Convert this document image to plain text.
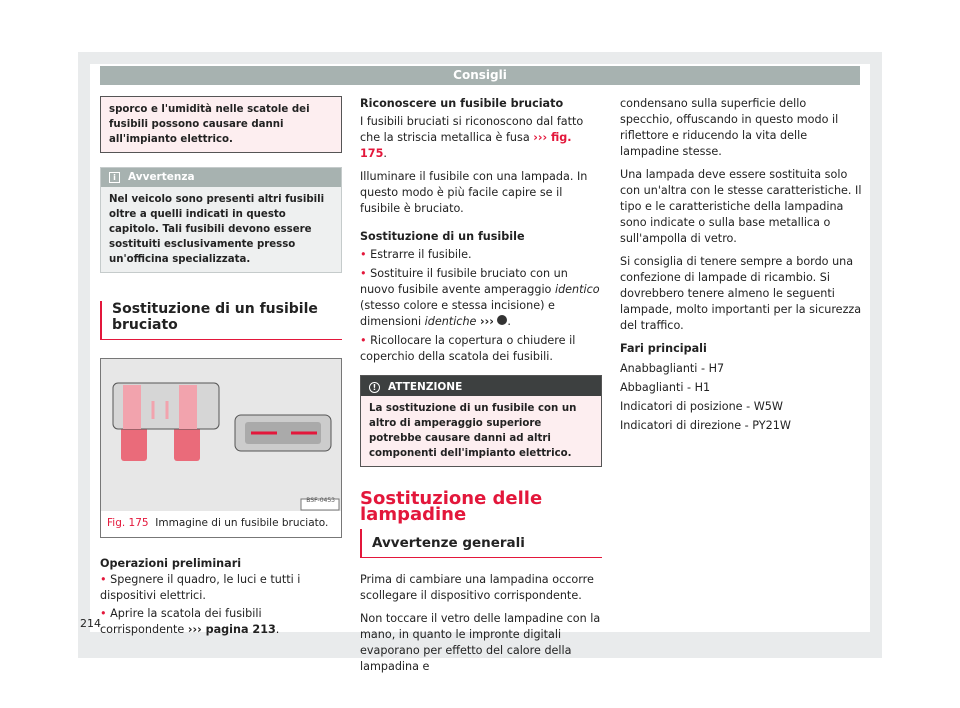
Consigli
sporco e l'umidità nelle scatole dei fusibili possono causare danni all'impianto elettrico.
i Avvertenza
Nel veicolo sono presenti altri fusibili oltre a quelli indicati in questo capitolo. Tali fusibili devono essere sostituiti esclusivamente presso un'officina specializzata.
Sostituzione di un fusibile bruciato
BSF-0453
Fig. 175 Immagine di un fusibile bruciato.

Operazioni preliminari

• Spegnere il quadro, le luci e tutti i dispositivi elettrici.

• Aprire la scatola dei fusibili corrispondente ››› pagina 213.

Riconoscere un fusibile bruciato

I fusibili bruciati si riconoscono dal fatto che la striscia metallica è fusa ››› fig. 175.

Illuminare il fusibile con una lampada. In questo modo è più facile capire se il fusibile è bruciato.

Sostituzione di un fusibile

• Estrarre il fusibile.

• Sostituire il fusibile bruciato con un nuovo fusibile avente amperaggio identico (stesso colore e stessa incisione) e dimensioni identiche ››› .

• Ricollocare la copertura o chiudere il coperchio della scatola dei fusibili.

! ATTENZIONE
La sostituzione di un fusibile con un altro di amperaggio superiore potrebbe causare danni ad altri componenti dell'impianto elettrico.
Sostituzione delle lampadine
Avvertenze generali

Prima di cambiare una lampadina occorre scollegare il dispositivo corrispondente.

Non toccare il vetro delle lampadine con la mano, in quanto le impronte digitali evaporano per effetto del calore della lampadina e

condensano sulla superficie dello specchio, offuscando in questo modo il riflettore e riducendo la vita delle lampadine stesse.

Una lampada deve essere sostituita solo con un'altra con le stesse caratteristiche. Il tipo e le caratteristiche della lampadina sono indicate o sulla base metallica o sull'ampolla di vetro.

Si consiglia di tenere sempre a bordo una confezione di lampade di ricambio. Si dovrebbero tenere almeno le seguenti lampade, molto importanti per la sicurezza del traffico.

Fari principali

Anabbaglianti - H7

Abbaglianti - H1

Indicatori di posizione - W5W

Indicatori di direzione - PY21W

214
